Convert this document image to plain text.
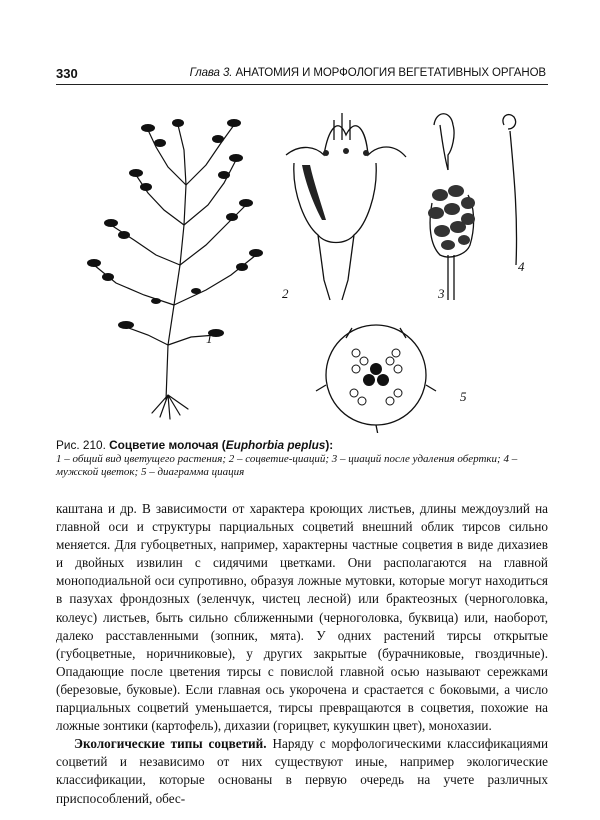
330	Глава 3. АНАТОМИЯ И МОРФОЛОГИЯ ВЕГЕТАТИВНЫХ ОРГАНОВ
1
2	3
4
5
Рис. 210. Соцветие молочая (Euphorbia peplus):
1 – общий вид цветущего растения; 2 – соцветие-циаций; 3 – циаций после удаления обертки; 4 – мужской цветок; 5 – диаграмма циация

каштана и др. В зависимости от характера кроющих листьев, длины междоузлий на главной оси и структуры парциальных соцветий внешний облик тирсов сильно меняется. Для губоцветных, например, характерны частные соцветия в виде дихазиев и двойных извилин с сидячими цветками. Они располагаются на главной моноподиальной оси супротивно, образуя ложные мутовки, которые могут находиться в пазухах фрондозных (зеленчук, чистец лесной) или брактеозных (черноголовка, колеус) листьев, быть сильно сближенными (черноголовка, буквица) или, наоборот, далеко расставленными (зопник, мята). У одних растений тирсы открытые (губоцветные, норичниковые), у других закрытые (бурачниковые, гвоздичные). Опадающие после цветения тирсы с повислой главной осью называют сережками (березовые, буковые). Если главная ось укорочена и срастается с боковыми, а число парциальных соцветий уменьшается, тирсы превращаются в соцветия, похожие на ложные зонтики (картофель), дихазии (горицвет, кукушкин цвет), монохазии.

Экологические типы соцветий. Наряду с морфологическими классификациями соцветий и независимо от них существуют иные, например экологические классификации, которые основаны в первую очередь на учете различных приспособлений, обес-
